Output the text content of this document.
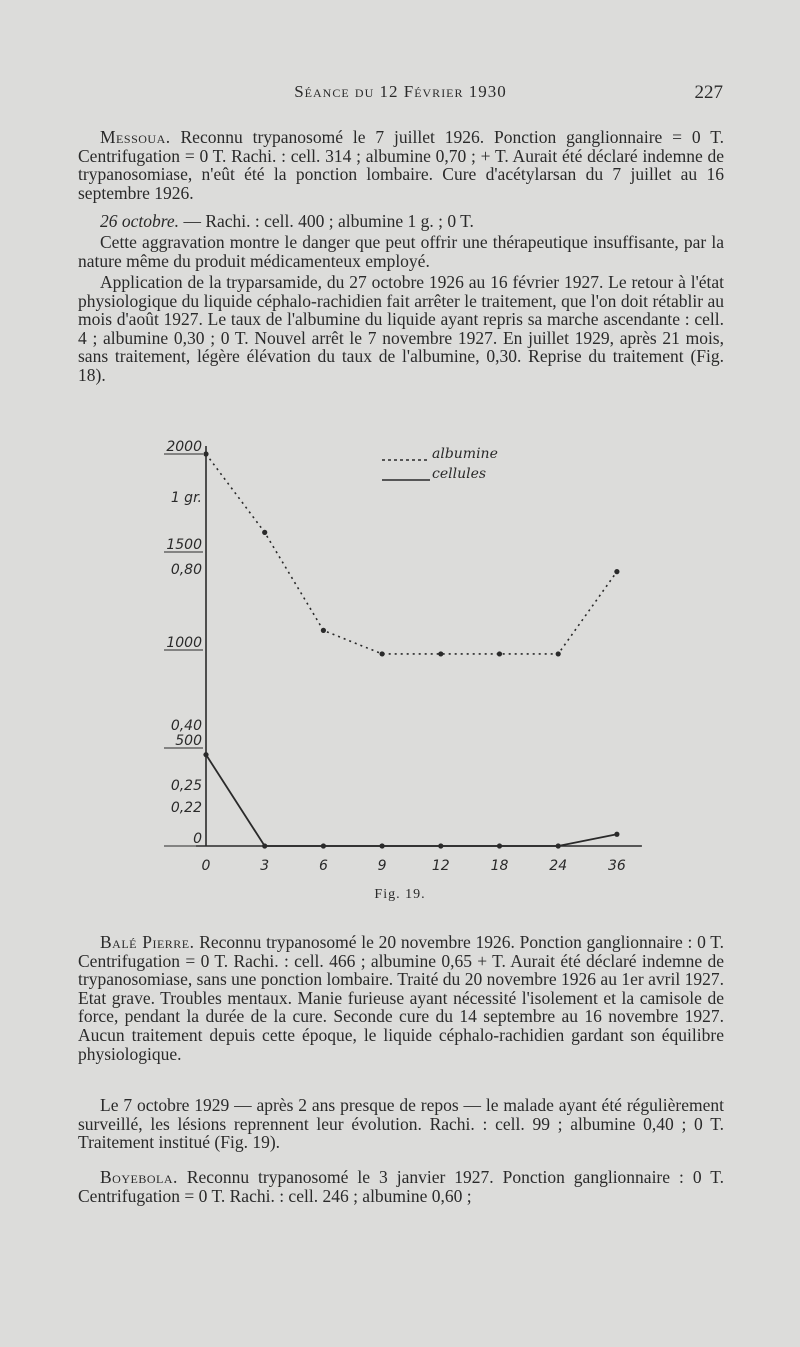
Séance du 12 Février 1930	227

Messoua. Reconnu trypanosomé le 7 juillet 1926. Ponction ganglionnaire = 0 T. Centrifugation = 0 T. Rachi. : cell. 314 ; albumine 0,70 ; + T. Aurait été déclaré indemne de trypanosomiase, n'eût été la ponction lombaire. Cure d'acétylarsan du 7 juillet au 16 septembre 1926.

26 octobre. — Rachi. : cell. 400 ; albumine 1 g. ; 0 T.

Cette aggravation montre le danger que peut offrir une thérapeutique insuffisante, par la nature même du produit médicamenteux employé.

Application de la tryparsamide, du 27 octobre 1926 au 16 février 1927. Le retour à l'état physiologique du liquide céphalo-rachidien fait arrêter le traitement, que l'on doit rétablir au mois d'août 1927. Le taux de l'albumine du liquide ayant repris sa marche ascendante : cell. 4 ; albumine 0,30 ; 0 T. Nouvel arrêt le 7 novembre 1927. En juillet 1929, après 21 mois, sans traitement, légère élévation du taux de l'albumine, 0,30. Reprise du traitement (Fig. 18).

0
500
1000
1500
2000
0,22
0,25
0,40
0,80
1 gr.
0	3	6	9	12	18	24	36
albumine
cellules
Fig. 19.

Balé Pierre. Reconnu trypanosomé le 20 novembre 1926. Ponction ganglionnaire : 0 T. Centrifugation = 0 T. Rachi. : cell. 466 ; albumine 0,65 + T. Aurait été déclaré indemne de trypanosomiase, sans une ponction lombaire. Traité du 20 novembre 1926 au 1er avril 1927. Etat grave. Troubles mentaux. Manie furieuse ayant nécessité l'isolement et la camisole de force, pendant la durée de la cure. Seconde cure du 14 septembre au 16 novembre 1927. Aucun traitement depuis cette époque, le liquide céphalo-rachidien gardant son équilibre physiologique.

Le 7 octobre 1929 — après 2 ans presque de repos — le malade ayant été régulièrement surveillé, les lésions reprennent leur évolution. Rachi. : cell. 99 ; albumine 0,40 ; 0 T. Traitement institué (Fig. 19).

Boyebola. Reconnu trypanosomé le 3 janvier 1927. Ponction ganglionnaire : 0 T. Centrifugation = 0 T. Rachi. : cell. 246 ; albumine 0,60 ;
